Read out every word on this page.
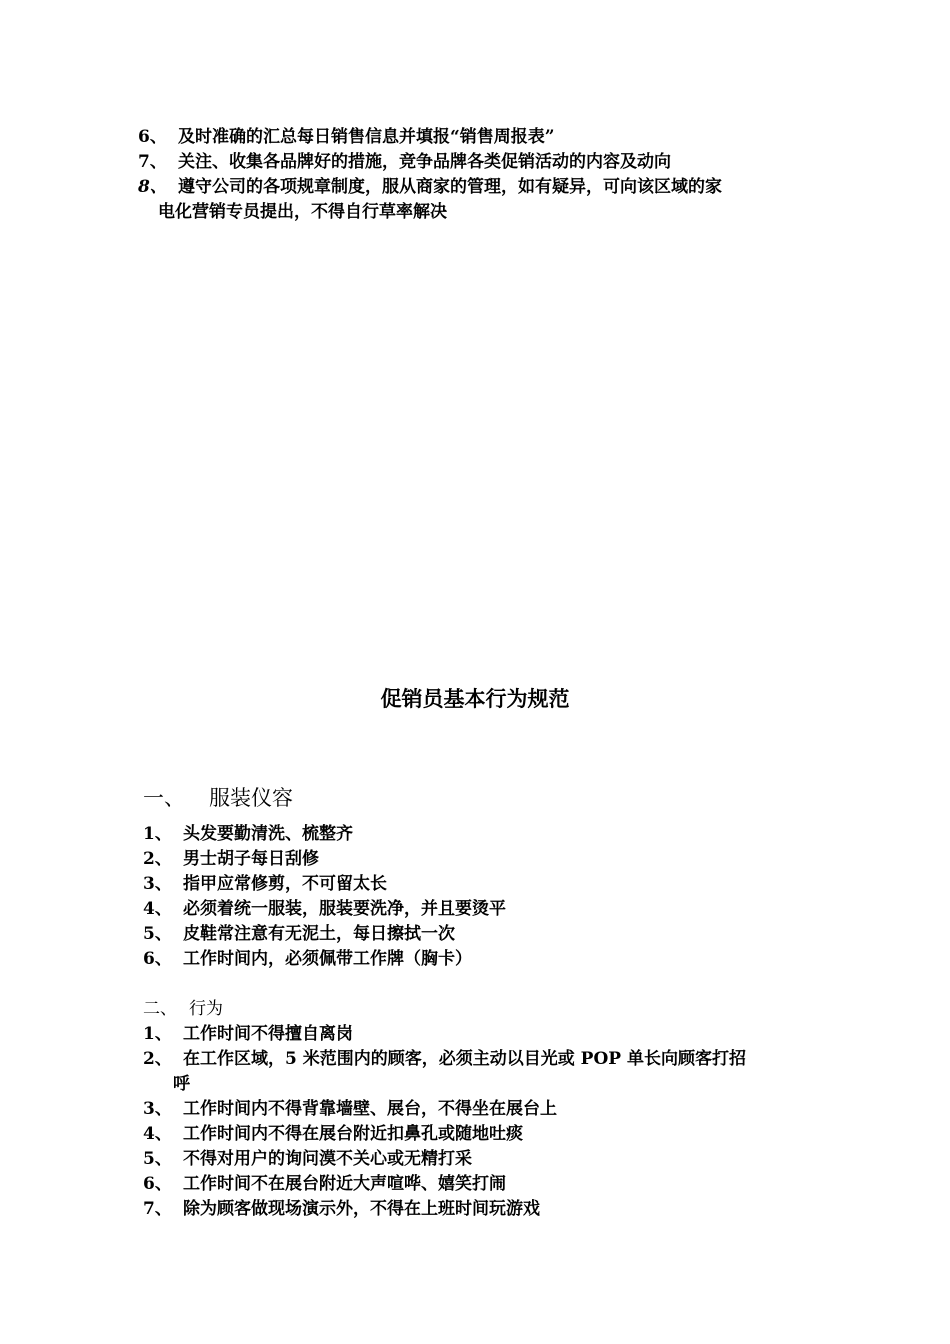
6、 及时准确的汇总每日销售信息并填报“销售周报表”
7、 关注、收集各品牌好的措施，竞争品牌各类促销活动的内容及动向
8、 遵守公司的各项规章制度，服从商家的管理，如有疑异，可向该区域的家
电化营销专员提出，不得自行草率解决
促销员基本行为规范
一、 服装仪容
1、 头发要勤清洗、梳整齐
2、 男士胡子每日刮修
3、 指甲应常修剪，不可留太长
4、 必须着统一服装，服装要洗净，并且要烫平
5、 皮鞋常注意有无泥土，每日擦拭一次
6、 工作时间内，必须佩带工作牌（胸卡）
二、 行为
1、 工作时间不得擅自离岗
2、 在工作区域，5 米范围内的顾客，必须主动以目光或 POP 单长向顾客打招
呼
3、 工作时间内不得背靠墙壁、展台，不得坐在展台上
4、 工作时间内不得在展台附近扣鼻孔或随地吐痰
5、 不得对用户的询问漠不关心或无精打采
6、 工作时间不在展台附近大声喧哗、嬉笑打闹
7、 除为顾客做现场演示外，不得在上班时间玩游戏
